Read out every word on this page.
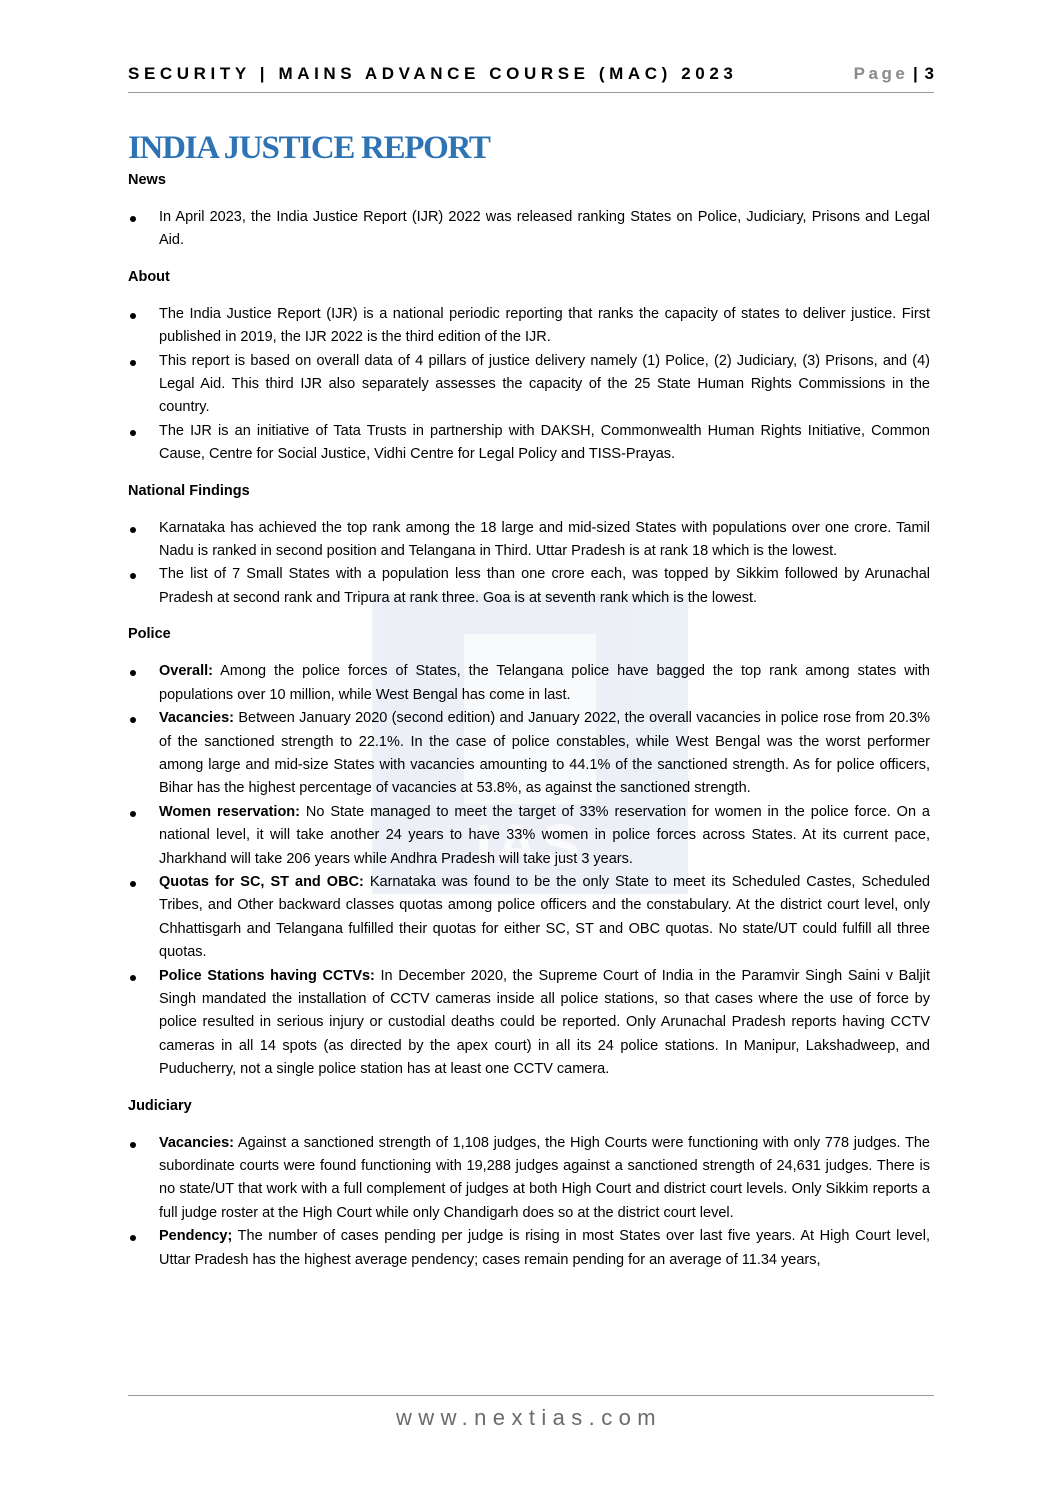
IAS
SECURITY | MAINS ADVANCE COURSE (MAC) 2023	Page | 3
INDIA JUSTICE REPORT

News

In April 2023, the India Justice Report (IJR) 2022 was released ranking States on Police, Judiciary, Prisons and Legal Aid.

About

The India Justice Report (IJR) is a national periodic reporting that ranks the capacity of states to deliver justice. First published in 2019, the IJR 2022 is the third edition of the IJR.
This report is based on overall data of 4 pillars of justice delivery namely (1) Police, (2) Judiciary, (3) Prisons, and (4) Legal Aid. This third IJR also separately assesses the capacity of the 25 State Human Rights Commissions in the country.
The IJR is an initiative of Tata Trusts in partnership with DAKSH, Commonwealth Human Rights Initiative, Common Cause, Centre for Social Justice, Vidhi Centre for Legal Policy and TISS-Prayas.

National Findings

Karnataka has achieved the top rank among the 18 large and mid-sized States with populations over one crore. Tamil Nadu is ranked in second position and Telangana in Third. Uttar Pradesh is at rank 18 which is the lowest.
The list of 7 Small States with a population less than one crore each, was topped by Sikkim followed by Arunachal Pradesh at second rank and Tripura at rank three. Goa is at seventh rank which is the lowest.

Police

Overall: Among the police forces of States, the Telangana police have bagged the top rank among states with populations over 10 million, while West Bengal has come in last.
Vacancies: Between January 2020 (second edition) and January 2022, the overall vacancies in police rose from 20.3% of the sanctioned strength to 22.1%. In the case of police constables, while West Bengal was the worst performer among large and mid-size States with vacancies amounting to 44.1% of the sanctioned strength. As for police officers, Bihar has the highest percentage of vacancies at 53.8%, as against the sanctioned strength.
Women reservation: No State managed to meet the target of 33% reservation for women in the police force. On a national level, it will take another 24 years to have 33% women in police forces across States. At its current pace, Jharkhand will take 206 years while Andhra Pradesh will take just 3 years.
Quotas for SC, ST and OBC: Karnataka was found to be the only State to meet its Scheduled Castes, Scheduled Tribes, and Other backward classes quotas among police officers and the constabulary. At the district court level, only Chhattisgarh and Telangana fulfilled their quotas for either SC, ST and OBC quotas. No state/UT could fulfill all three quotas.
Police Stations having CCTVs: In December 2020, the Supreme Court of India in the Paramvir Singh Saini v Baljit Singh mandated the installation of CCTV cameras inside all police stations, so that cases where the use of force by police resulted in serious injury or custodial deaths could be reported. Only Arunachal Pradesh reports having CCTV cameras in all 14 spots (as directed by the apex court) in all its 24 police stations. In Manipur, Lakshadweep, and Puducherry, not a single police station has at least one CCTV camera.

Judiciary

Vacancies: Against a sanctioned strength of 1,108 judges, the High Courts were functioning with only 778 judges. The subordinate courts were found functioning with 19,288 judges against a sanctioned strength of 24,631 judges. There is no state/UT that work with a full complement of judges at both High Court and district court levels. Only Sikkim reports a full judge roster at the High Court while only Chandigarh does so at the district court level.
Pendency; The number of cases pending per judge is rising in most States over last five years. At High Court level, Uttar Pradesh has the highest average pendency; cases remain pending for an average of 11.34 years,
www.nextias.com
